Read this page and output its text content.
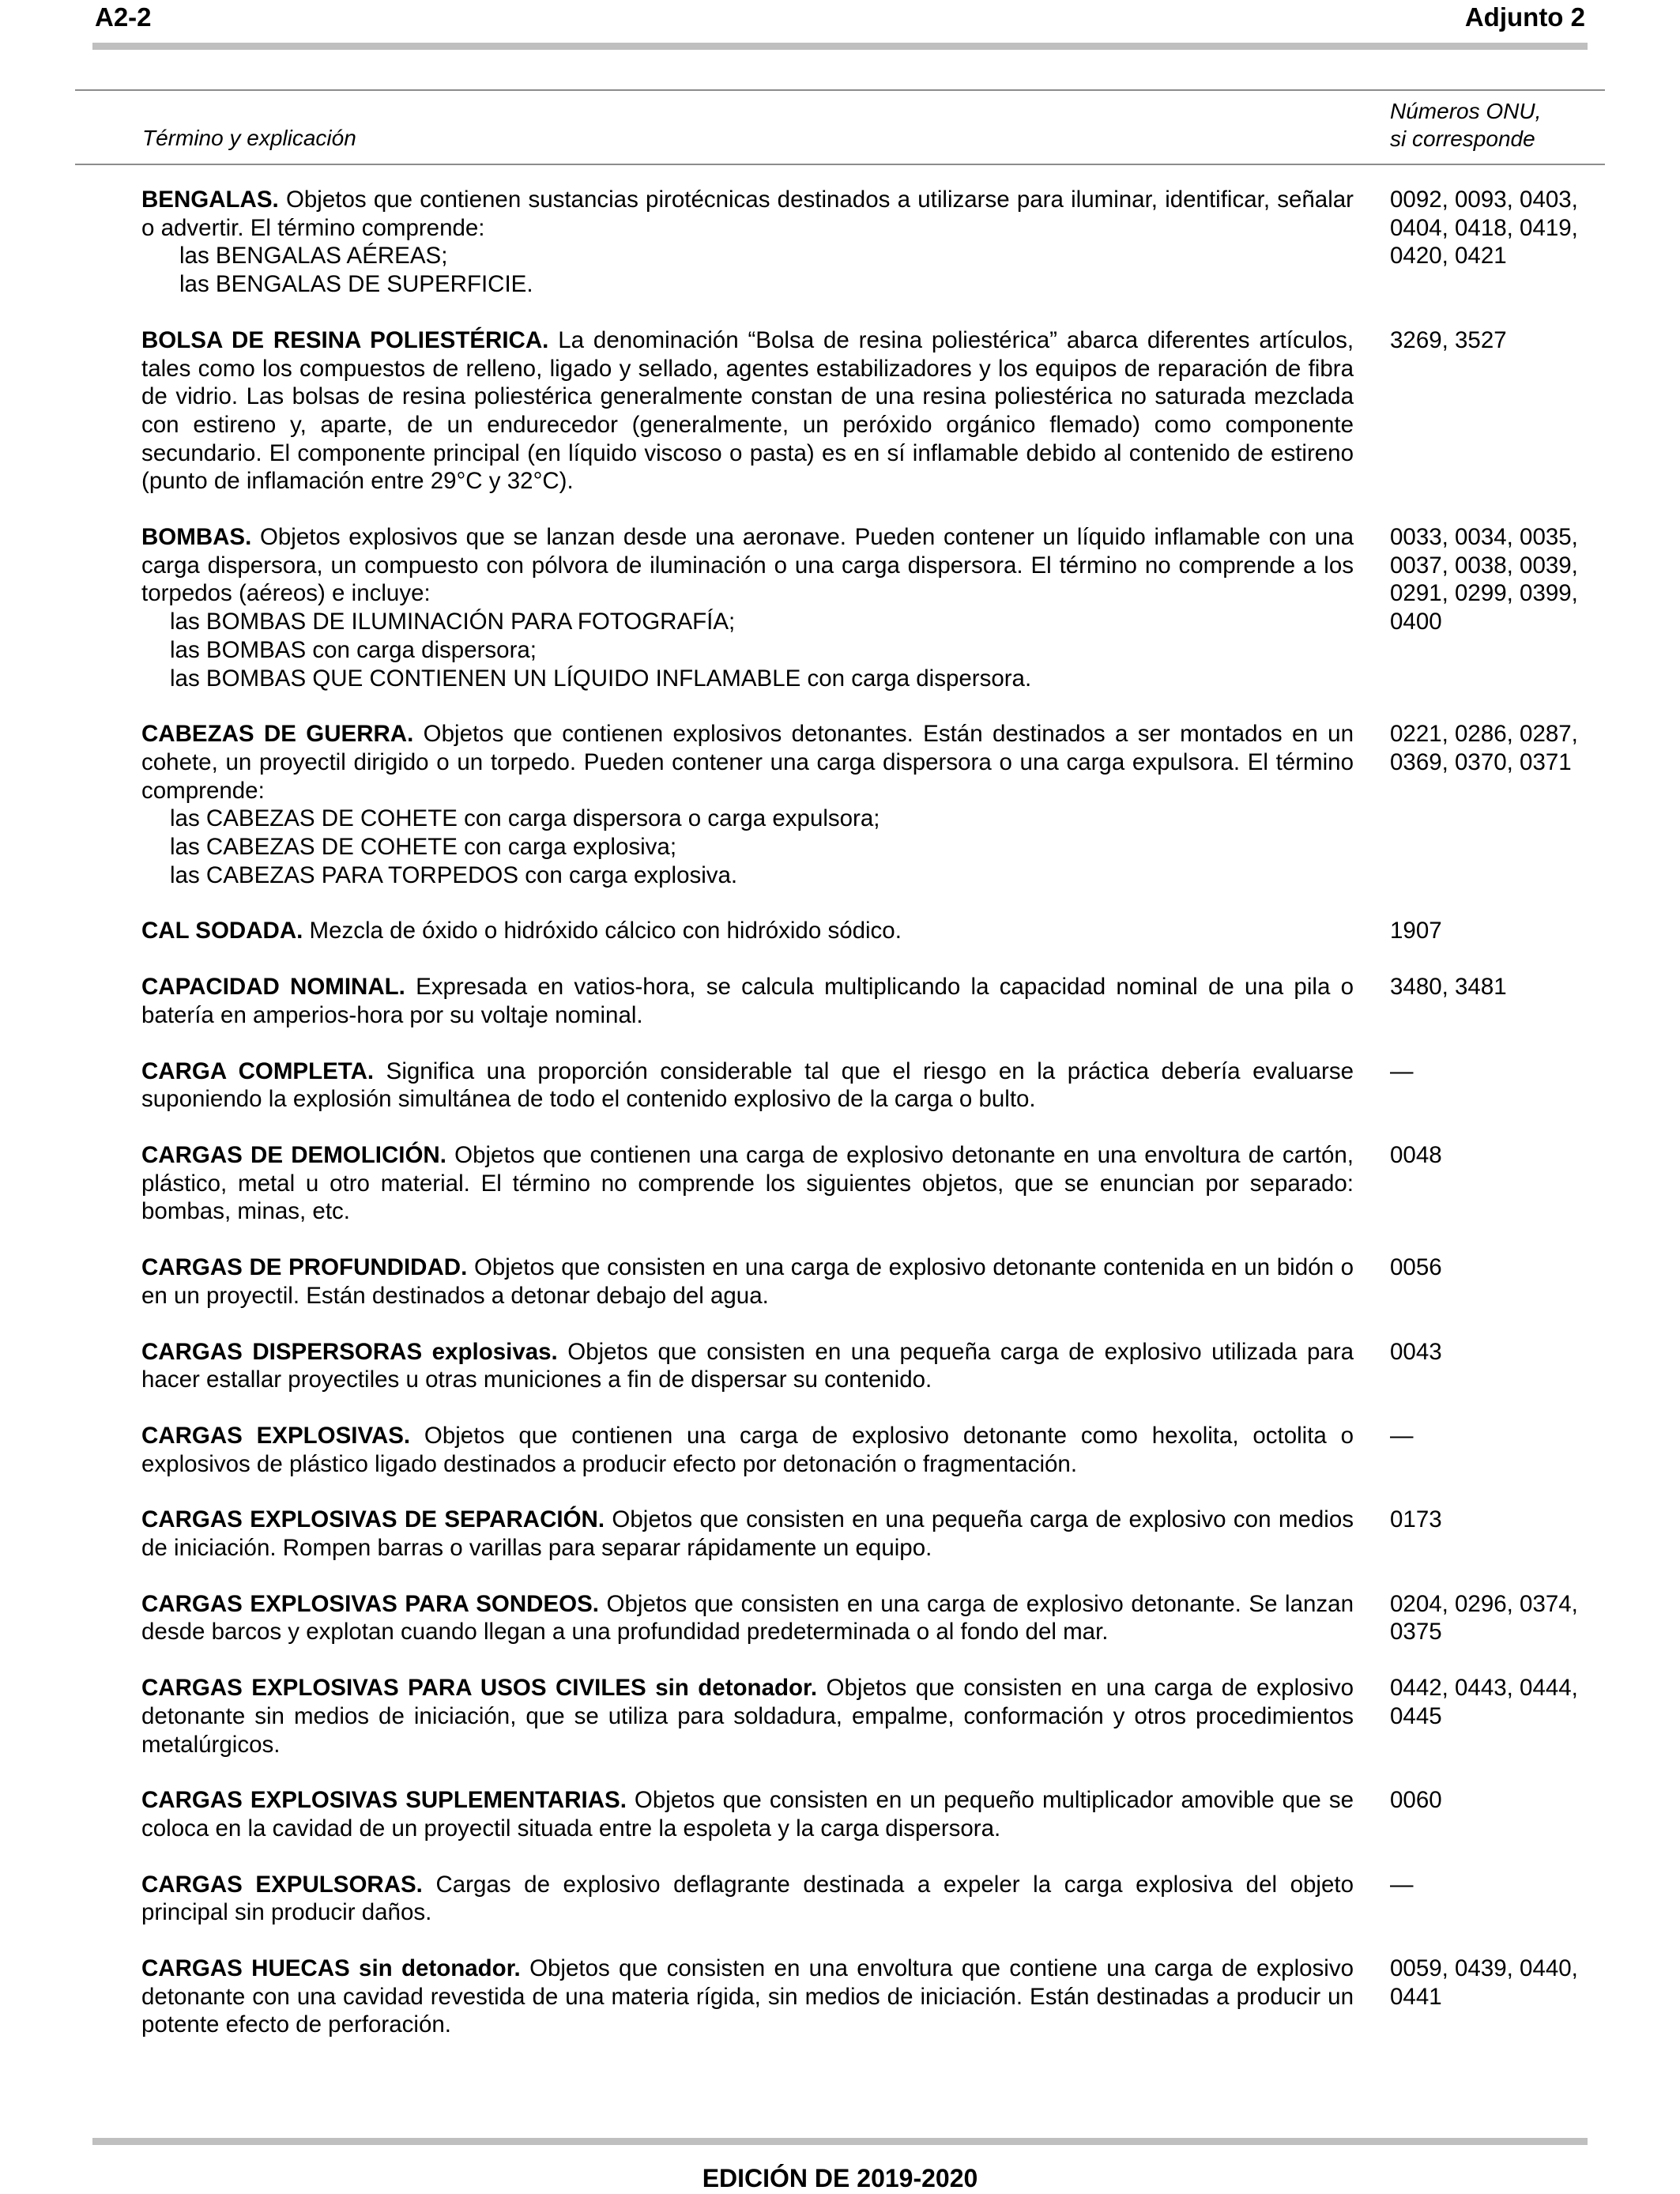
A2-2	Adjunto 2
Término y explicación
Números ONU,
si corresponde
BENGALAS. Objetos que contienen sustancias pirotécnicas destinados a utilizarse para iluminar, identificar, señalar o advertir. El término comprende:
las BENGALAS AÉREAS;
las BENGALAS DE SUPERFICIE.
0092, 0093, 0403, 0404, 0418, 0419, 0420, 0421
BOLSA DE RESINA POLIESTÉRICA. La denominación “Bolsa de resina poliestérica” abarca diferentes artículos, tales como los compuestos de relleno, ligado y sellado, agentes estabilizadores y los equipos de reparación de fibra de vidrio. Las bolsas de resina poliestérica generalmente constan de una resina poliestérica no saturada mezclada con estireno y, aparte, de un endurecedor (generalmente, un peróxido orgánico flemado) como componente secundario. El componente principal (en líquido viscoso o pasta) es en sí inflamable debido al contenido de estireno (punto de inflamación entre 29°C y 32°C).
3269, 3527
BOMBAS. Objetos explosivos que se lanzan desde una aeronave. Pueden contener un líquido inflamable con una carga dispersora, un compuesto con pólvora de iluminación o una carga dispersora. El término no comprende a los torpedos (aéreos) e incluye:
las BOMBAS DE ILUMINACIÓN PARA FOTOGRAFÍA;
las BOMBAS con carga dispersora;
las BOMBAS QUE CONTIENEN UN LÍQUIDO INFLAMABLE con carga dispersora.
0033, 0034, 0035, 0037, 0038, 0039, 0291, 0299, 0399, 0400
CABEZAS DE GUERRA. Objetos que contienen explosivos detonantes. Están destinados a ser montados en un cohete, un proyectil dirigido o un torpedo. Pueden contener una carga dispersora o una carga expulsora. El término comprende:
las CABEZAS DE COHETE con carga dispersora o carga expulsora;
las CABEZAS DE COHETE con carga explosiva;
las CABEZAS PARA TORPEDOS con carga explosiva.
0221, 0286, 0287, 0369, 0370, 0371
CAL SODADA. Mezcla de óxido o hidróxido cálcico con hidróxido sódico.	1907
CAPACIDAD NOMINAL. Expresada en vatios-hora, se calcula multiplicando la capacidad nominal de una pila o batería en amperios-hora por su voltaje nominal.
3480, 3481
CARGA COMPLETA. Significa una proporción considerable tal que el riesgo en la práctica debería evaluarse suponiendo la explosión simultánea de todo el contenido explosivo de la carga o bulto.
—
CARGAS DE DEMOLICIÓN. Objetos que contienen una carga de explosivo detonante en una envoltura de cartón, plástico, metal u otro material. El término no comprende los siguientes objetos, que se enuncian por separado: bombas, minas, etc.
0048
CARGAS DE PROFUNDIDAD. Objetos que consisten en una carga de explosivo detonante contenida en un bidón o en un proyectil. Están destinados a detonar debajo del agua.
0056
CARGAS DISPERSORAS explosivas. Objetos que consisten en una pequeña carga de explosivo utilizada para hacer estallar proyectiles u otras municiones a fin de dispersar su contenido.
0043
CARGAS EXPLOSIVAS. Objetos que contienen una carga de explosivo detonante como hexolita, octolita o explosivos de plástico ligado destinados a producir efecto por detonación o fragmentación.
—
CARGAS EXPLOSIVAS DE SEPARACIÓN. Objetos que consisten en una pequeña carga de explosivo con medios de iniciación. Rompen barras o varillas para separar rápidamente un equipo.
0173
CARGAS EXPLOSIVAS PARA SONDEOS. Objetos que consisten en una carga de explosivo detonante. Se lanzan desde barcos y explotan cuando llegan a una profundidad predeterminada o al fondo del mar.
0204, 0296, 0374, 0375
CARGAS EXPLOSIVAS PARA USOS CIVILES sin detonador. Objetos que consisten en una carga de explosivo detonante sin medios de iniciación, que se utiliza para soldadura, empalme, conformación y otros procedimientos metalúrgicos.
0442, 0443, 0444, 0445
CARGAS EXPLOSIVAS SUPLEMENTARIAS. Objetos que consisten en un pequeño multiplicador amovible que se coloca en la cavidad de un proyectil situada entre la espoleta y la carga dispersora.
0060
CARGAS EXPULSORAS. Cargas de explosivo deflagrante destinada a expeler la carga explosiva del objeto principal sin producir daños.
—
CARGAS HUECAS sin detonador. Objetos que consisten en una envoltura que contiene una carga de explosivo detonante con una cavidad revestida de una materia rígida, sin medios de iniciación. Están destinadas a producir un potente efecto de perforación.
0059, 0439, 0440, 0441
EDICIÓN DE 2019-2020
